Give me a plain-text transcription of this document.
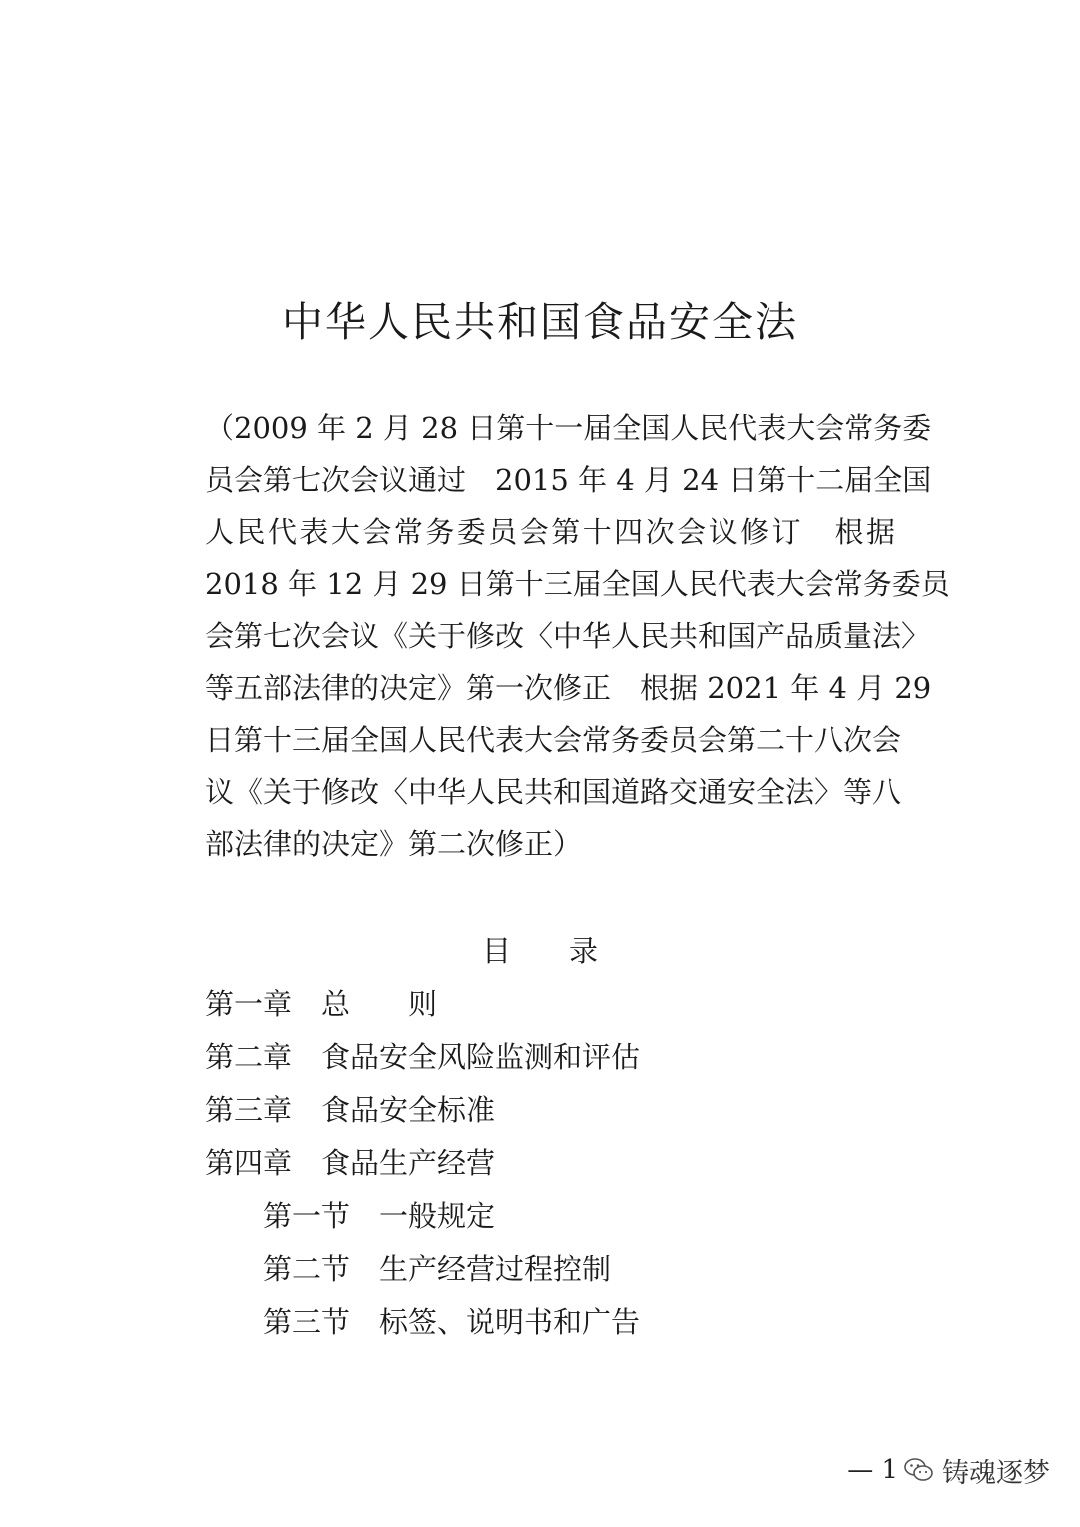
中华人民共和国食品安全法
（2009 年 2 月 28 日第十一届全国人民代表大会常务委
员会第七次会议通过　2015 年 4 月 24 日第十二届全国
人民代表大会常务委员会第十四次会议修订　根据
2018 年 12 月 29 日第十三届全国人民代表大会常务委员
会第七次会议《关于修改〈中华人民共和国产品质量法〉
等五部法律的决定》第一次修正　根据 2021 年 4 月 29
日第十三届全国人民代表大会常务委员会第二十八次会
议《关于修改〈中华人民共和国道路交通安全法〉等八
部法律的决定》第二次修正）
目 录
第一章 总则
第二章 食品安全风险监测和评估
第三章 食品安全标准
第四章 食品生产经营
第一节 一般规定
第二节 生产经营过程控制
第三节 标签、说明书和广告
— 1 铸魂逐梦
